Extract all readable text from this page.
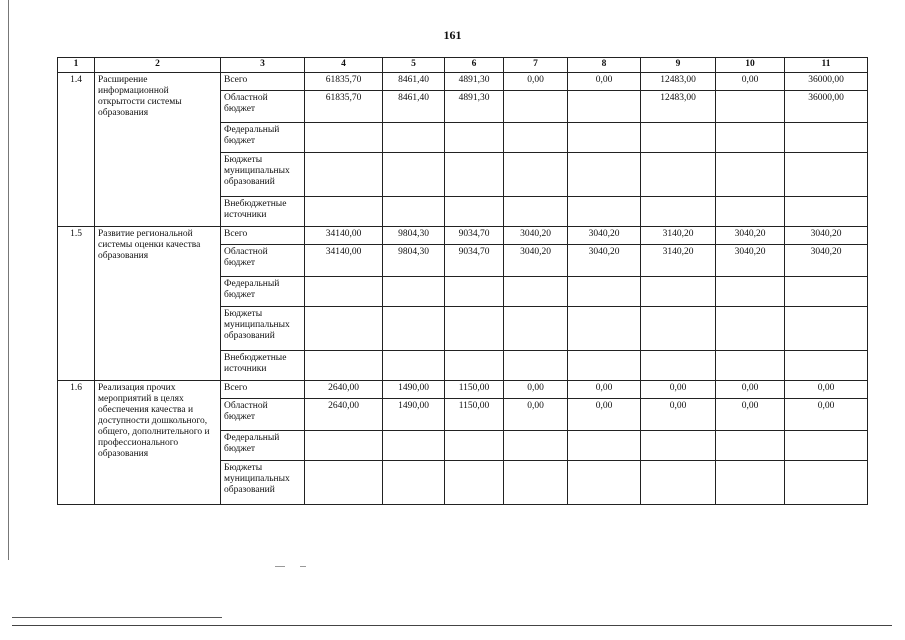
161
1	2	3	4	5	6	7	8	9	10	11
1.4	Расширение информационной открытости системы образования	Всего	61835,70	8461,40	4891,30	0,00	0,00	12483,00	0,00	36000,00
		Областной бюджет	61835,70	8461,40	4891,30			12483,00		36000,00
		Федеральный бюджет								
		Бюджеты муниципальных образований								
		Внебюджетные источники								
1.5	Развитие региональной системы оценки качества образования	Всего	34140,00	9804,30	9034,70	3040,20	3040,20	3140,20	3040,20	3040,20
		Областной бюджет	34140,00	9804,30	9034,70	3040,20	3040,20	3140,20	3040,20	3040,20
		Федеральный бюджет								
		Бюджеты муниципальных образований								
		Внебюджетные источники								
1.6	Реализация прочих мероприятий в целях обеспечения качества и доступности дошкольного, общего, дополнительного и профессионального образования	Всего	2640,00	1490,00	1150,00	0,00	0,00	0,00	0,00	0,00
		Областной бюджет	2640,00	1490,00	1150,00	0,00	0,00	0,00	0,00	0,00
		Федеральный бюджет								
		Бюджеты муниципальных образований								
